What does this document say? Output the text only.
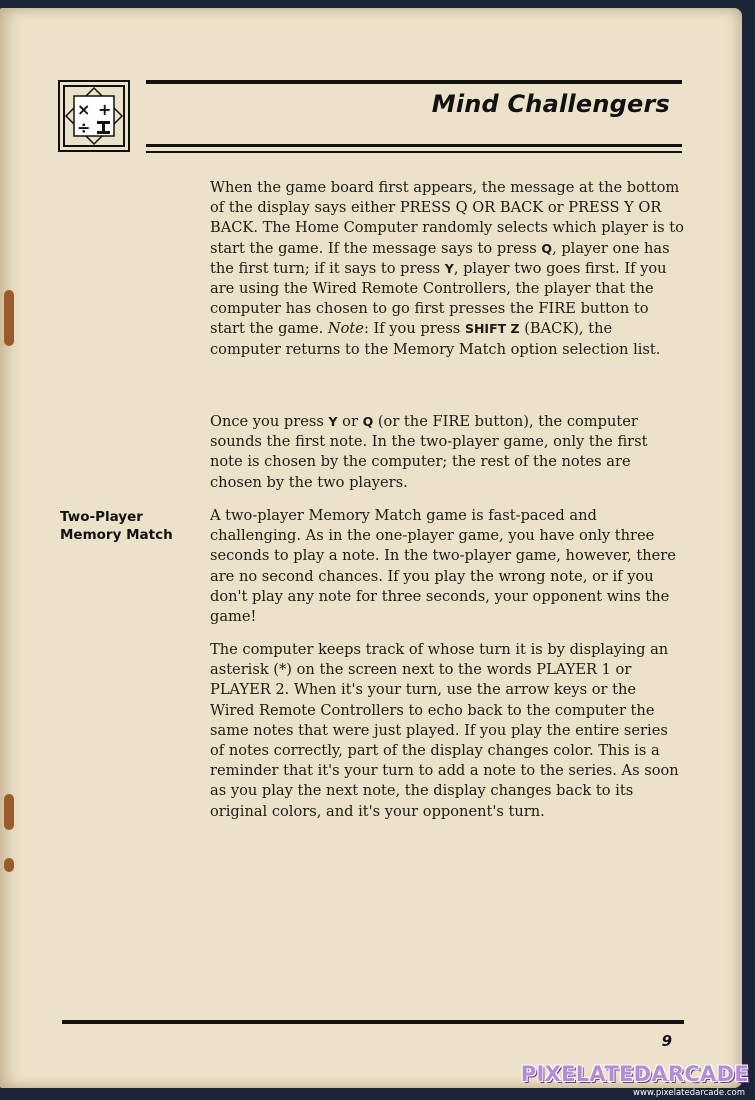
× +
÷
Mind Challengers

When the game board first appears, the message at the bottom of the display says either PRESS Q OR BACK or PRESS Y OR BACK. The Home Computer randomly selects which player is to start the game. If the message says to press Q, player one has the first turn; if it says to press Y, player two goes first. If you are using the Wired Remote Controllers, the player that the computer has chosen to go first presses the FIRE button to start the game. Note: If you press SHIFT Z (BACK), the computer returns to the Memory Match option selection list.

Once you press Y or Q (or the FIRE button), the computer sounds the first note. In the two-player game, only the first note is chosen by the computer; the rest of the notes are chosen by the two players.

Two-Player
Memory Match

A two-player Memory Match game is fast-paced and challenging. As in the one-player game, you have only three seconds to play a note. In the two-player game, however, there are no second chances. If you play the wrong note, or if you don't play any note for three seconds, your opponent wins the game!

The computer keeps track of whose turn it is by displaying an asterisk (*) on the screen next to the words PLAYER 1 or PLAYER 2. When it's your turn, use the arrow keys or the Wired Remote Controllers to echo back to the computer the same notes that were just played. If you play the entire series of notes correctly, part of the display changes color. This is a reminder that it's your turn to add a note to the series. As soon as you play the next note, the display changes back to its original colors, and it's your opponent's turn.

9

PIXELATEDARCADE
www.pixelatedarcade.com
